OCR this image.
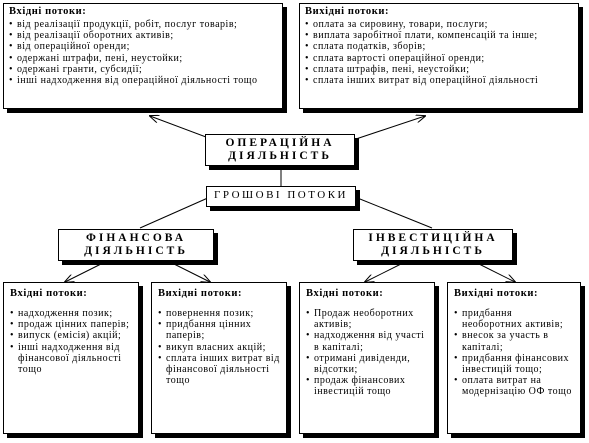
Вхідні потоки:
• від реалізації продукції, робіт, послуг товарів;
• від реалізації оборотних активів;
• від операційної оренди;
• одержані штрафи, пені, неустойки;
• одержані гранти, субсидії;
• інші надходження від операційної діяльності тощо
Вихідні потоки:
• оплата за сировину, товари, послуги;
• виплата заробітної плати, компенсацій та інше;
• сплата податків, зборів;
• сплата вартості операційної оренди;
• сплата штрафів, пені, неустойки;
• сплата інших витрат від операційної діяльності
ОПЕРАЦІЙНА
ДІЯЛЬНІСТЬ
ГРОШОВІ ПОТОКИ
ФІНАНСОВА
ДІЯЛЬНІСТЬ
ІНВЕСТИЦІЙНА
ДІЯЛЬНІСТЬ
Вхідні потоки:
• надходження позик;
• продаж цінних паперів;
• випуск (емісія) акцій;
• інші надходження від фінансової діяльності тощо
Вихідні потоки:
• повернення позик;
• придбання цінних паперів;
• викуп власних акцій;
• сплата інших витрат від фінансової діяльності тощо
Вхідні потоки:
• Продаж необоротних активів;
• надходження від участі в капіталі;
• отримані дивіденди, відсотки;
• продаж фінансових інвестицій тощо
Вихідні потоки:
• придбання необоротних активів;
• внесок за участь в капіталі;
• придбання фінансових інвестицій тощо;
• оплата витрат на модернізацію ОФ тощо
